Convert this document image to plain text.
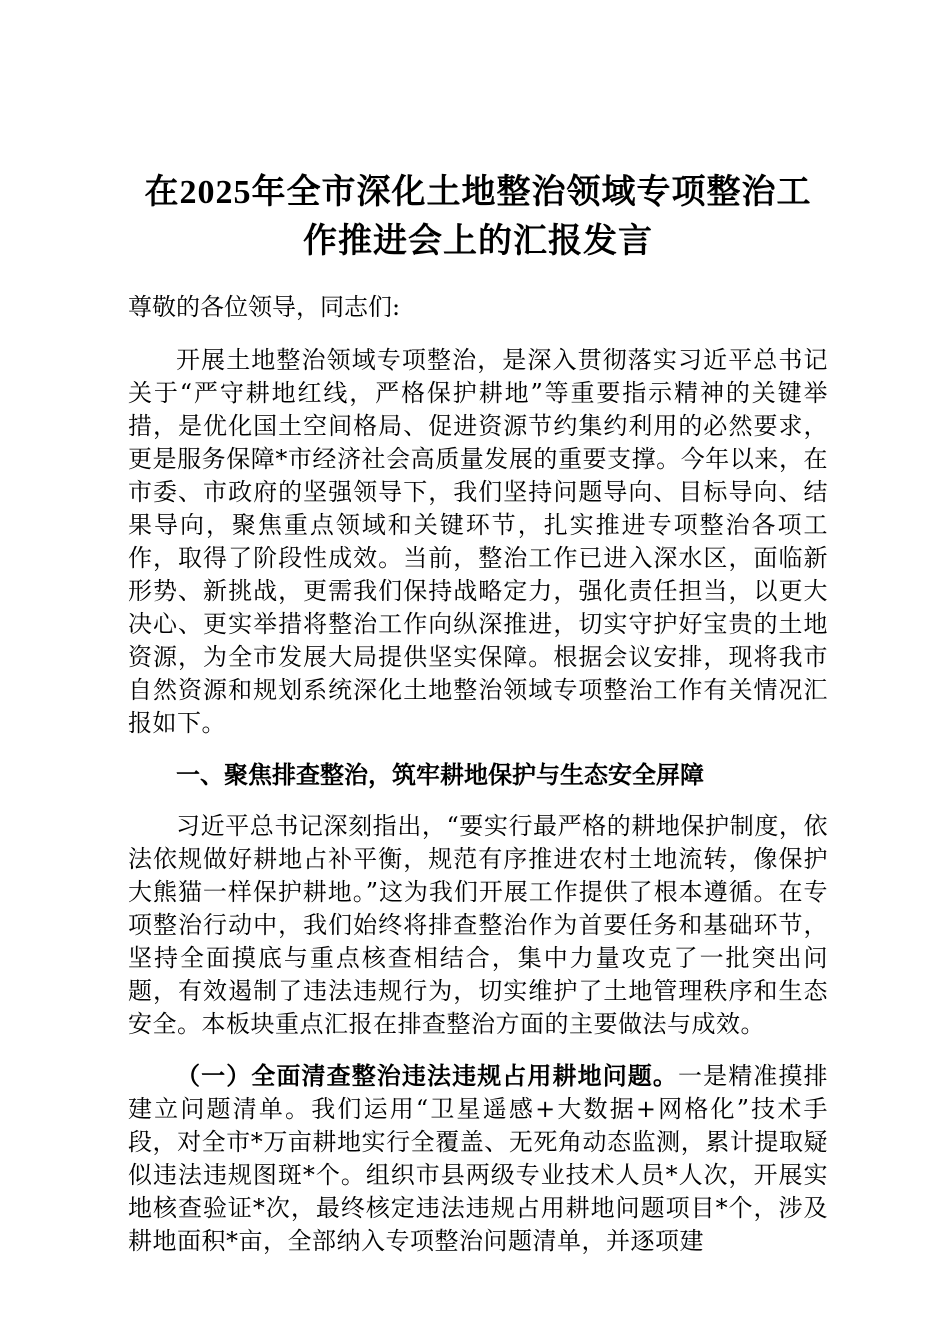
在2025年全市深化土地整治领域专项整治工作推进会上的汇报发言

尊敬的各位领导，同志们:

开展土地整治领域专项整治，是深入贯彻落实习近平总书记关于“严守耕地红线，严格保护耕地”等重要指示精神的关键举措，是优化国土空间格局、促进资源节约集约利用的必然要求，更是服务保障*市经济社会高质量发展的重要支撑。今年以来，在市委、市政府的坚强领导下，我们坚持问题导向、目标导向、结果导向，聚焦重点领域和关键环节，扎实推进专项整治各项工作，取得了阶段性成效。当前，整治工作已进入深水区，面临新形势、新挑战，更需我们保持战略定力，强化责任担当，以更大决心、更实举措将整治工作向纵深推进，切实守护好宝贵的土地资源，为全市发展大局提供坚实保障。根据会议安排，现将我市自然资源和规划系统深化土地整治领域专项整治工作有关情况汇报如下。

一、聚焦排查整治，筑牢耕地保护与生态安全屏障

习近平总书记深刻指出，“要实行最严格的耕地保护制度，依法依规做好耕地占补平衡，规范有序推进农村土地流转，像保护大熊猫一样保护耕地。”这为我们开展工作提供了根本遵循。在专项整治行动中，我们始终将排查整治作为首要任务和基础环节，坚持全面摸底与重点核查相结合，集中力量攻克了一批突出问题，有效遏制了违法违规行为，切实维护了土地管理秩序和生态安全。本板块重点汇报在排查整治方面的主要做法与成效。

（一）全面清查整治违法违规占用耕地问题。一是精准摸排建立问题清单。我们运用“卫星遥感+大数据+网格化”技术手段，对全市*万亩耕地实行全覆盖、无死角动态监测，累计提取疑似违法违规图斑*个。组织市县两级专业技术人员*人次，开展实地核查验证*次，最终核定违法违规占用耕地问题项目*个，涉及耕地面积*亩，全部纳入专项整治问题清单，并逐项建
